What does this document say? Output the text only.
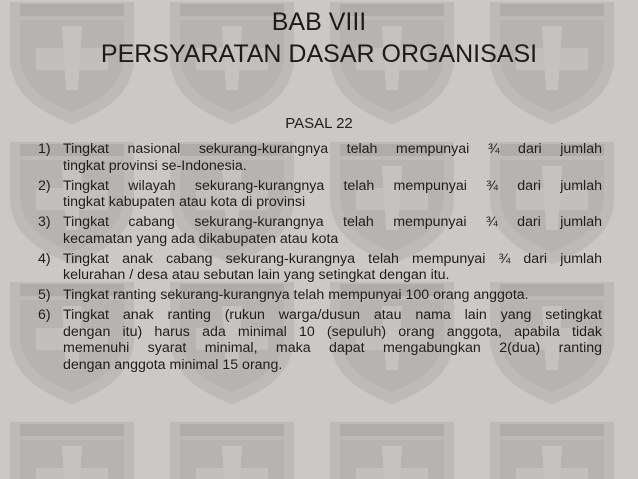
BAB VIII
PERSYARATAN DASAR ORGANISASI
PASAL 22
1) Tingkat nasional sekurang-kurangnya telah mempunyai ¾ dari jumlah
tingkat provinsi se-Indonesia.
2) Tingkat wilayah sekurang-kurangnya telah mempunyai ¾ dari jumlah
tingkat kabupaten atau kota di provinsi
3) Tingkat cabang sekurang-kurangnya telah mempunyai ¾ dari jumlah
kecamatan yang ada dikabupaten atau kota
4) Tingkat anak cabang sekurang-kurangnya telah mempunyai ¾ dari jumlah
kelurahan / desa atau sebutan lain yang setingkat dengan itu.
5) Tingkat ranting sekurang-kurangnya telah mempunyai 100 orang anggota.
6) Tingkat anak ranting (rukun warga/dusun atau nama lain yang setingkat
dengan itu) harus ada minimal 10 (sepuluh) orang anggota, apabila tidak
memenuhi syarat minimal, maka dapat mengabungkan 2(dua) ranting
dengan anggota minimal 15 orang.
